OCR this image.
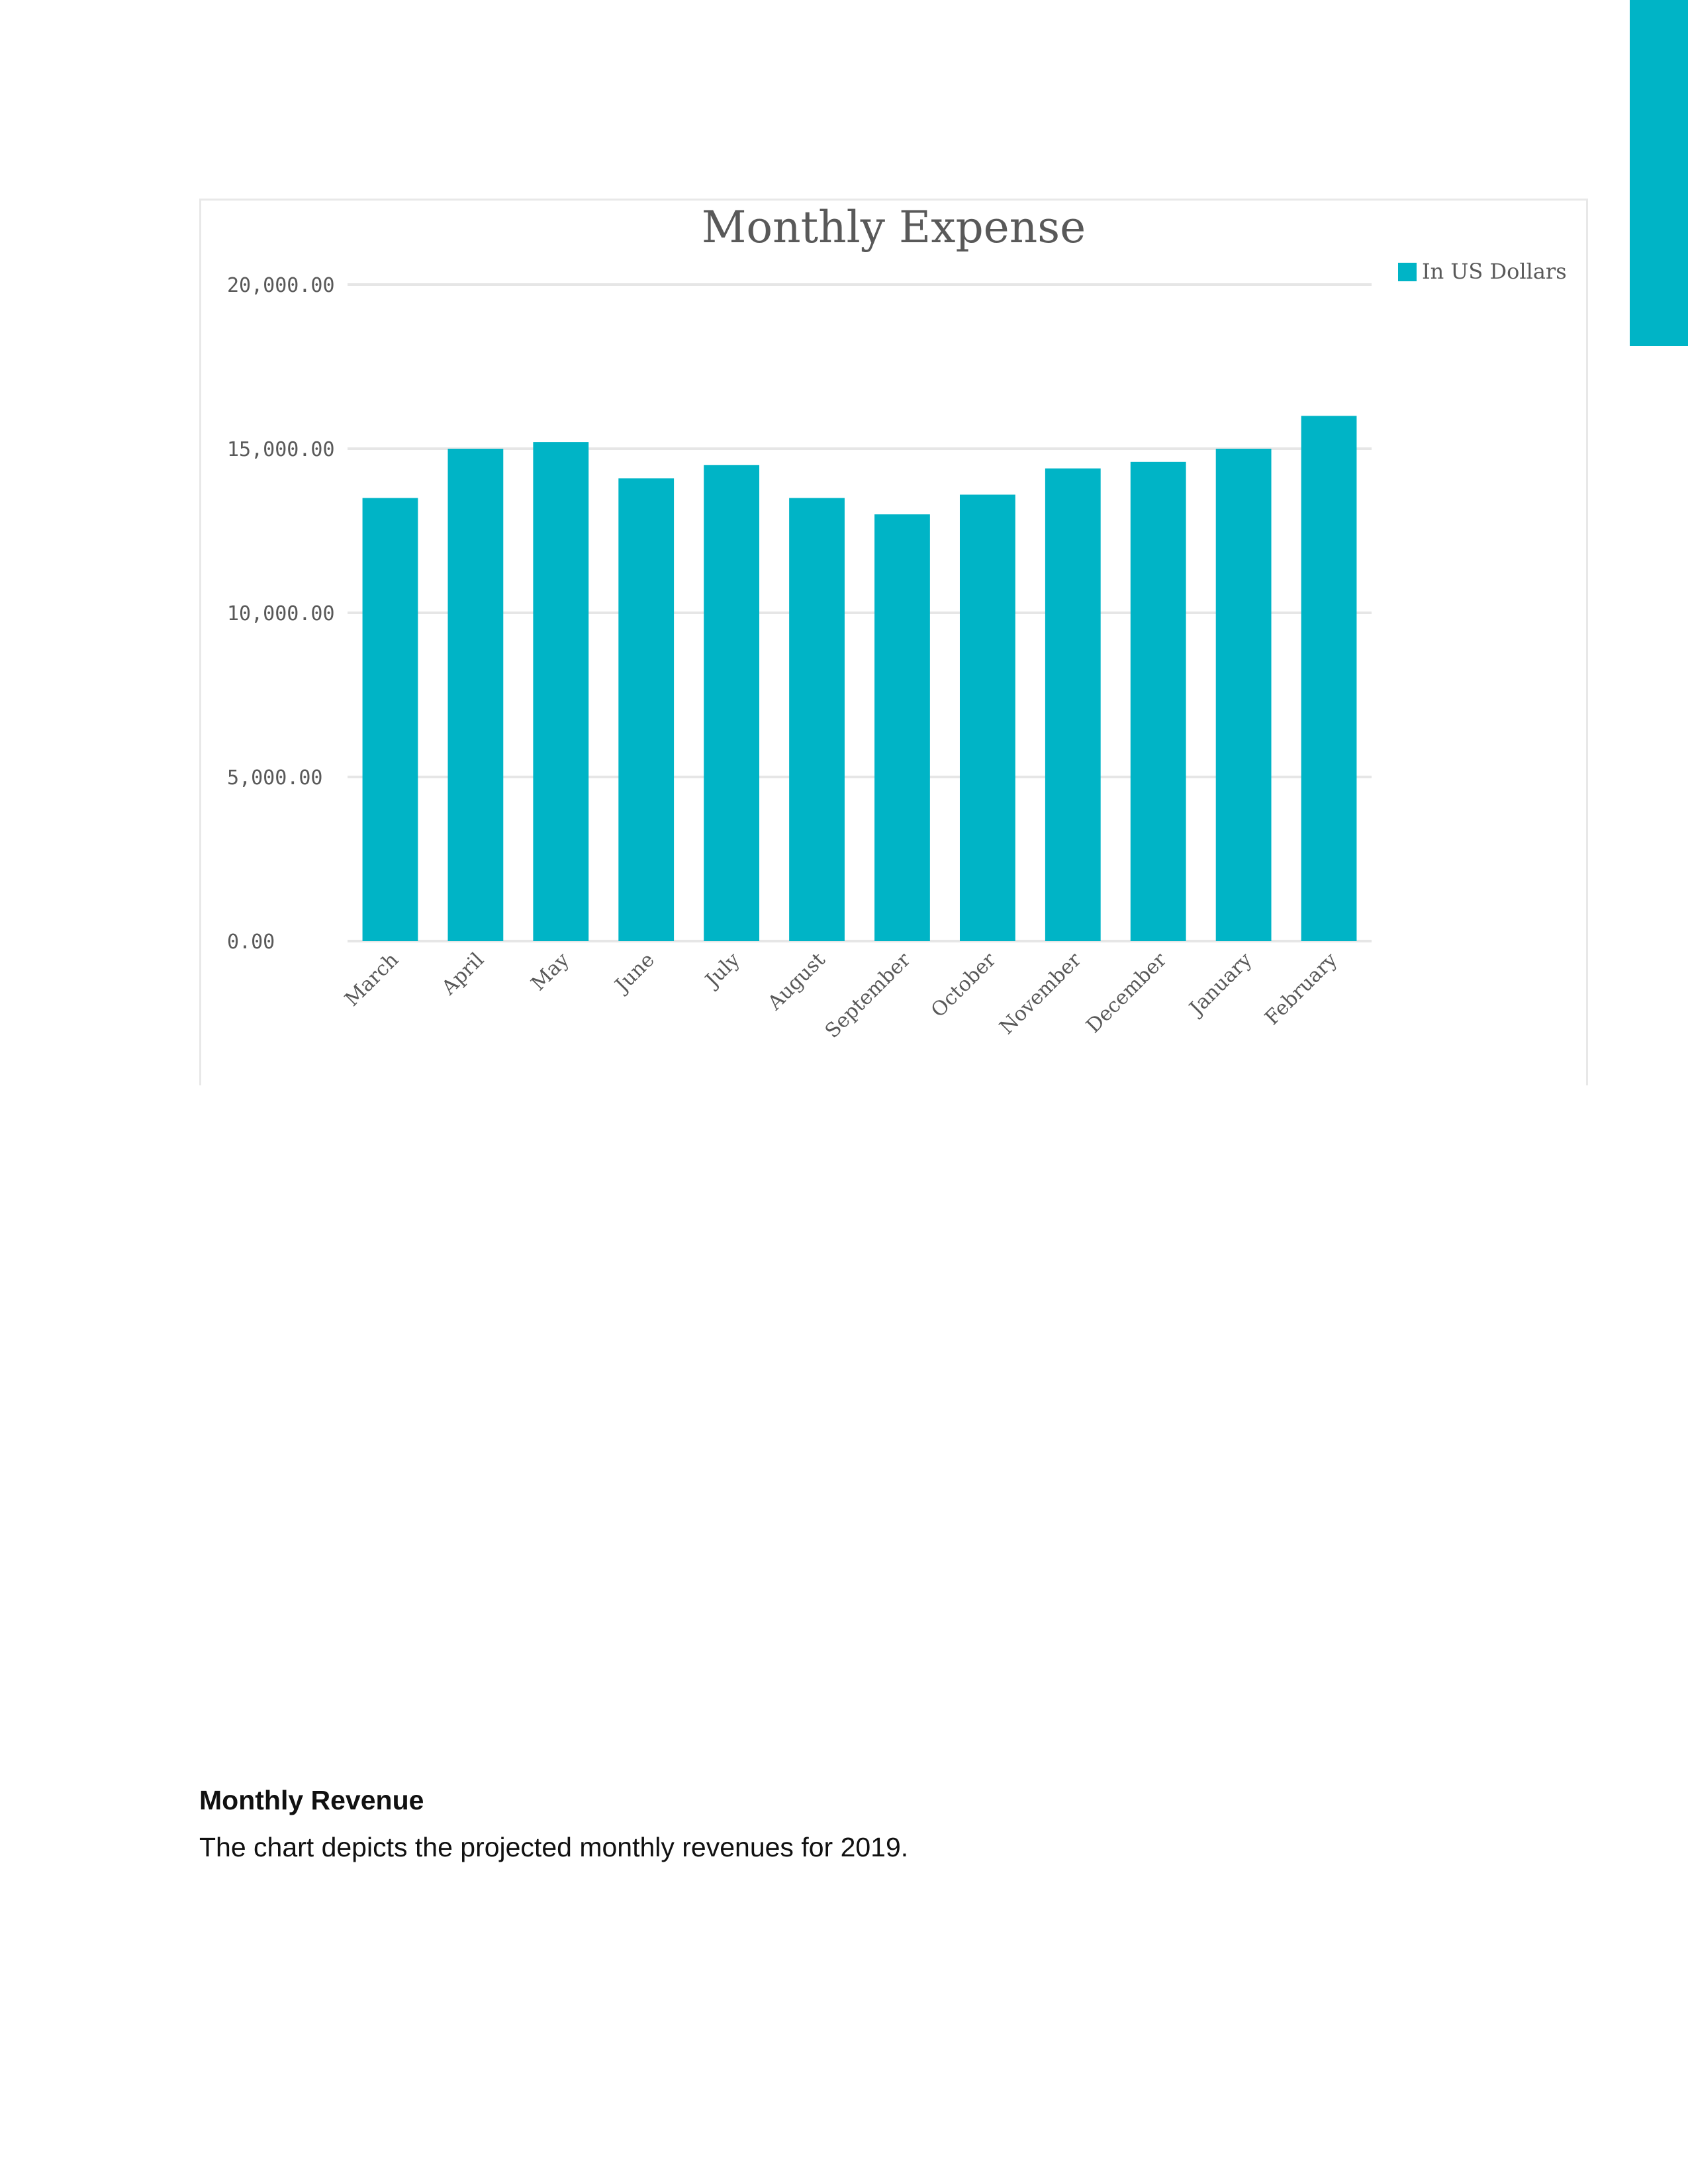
0.00
5,000.00
10,000.00
15,000.00
20,000.00
March April May June July August
September October
November
December January February
Monthly Expense
In US Dollars

Monthly Revenue

The chart depicts the projected monthly revenues for 2019.
